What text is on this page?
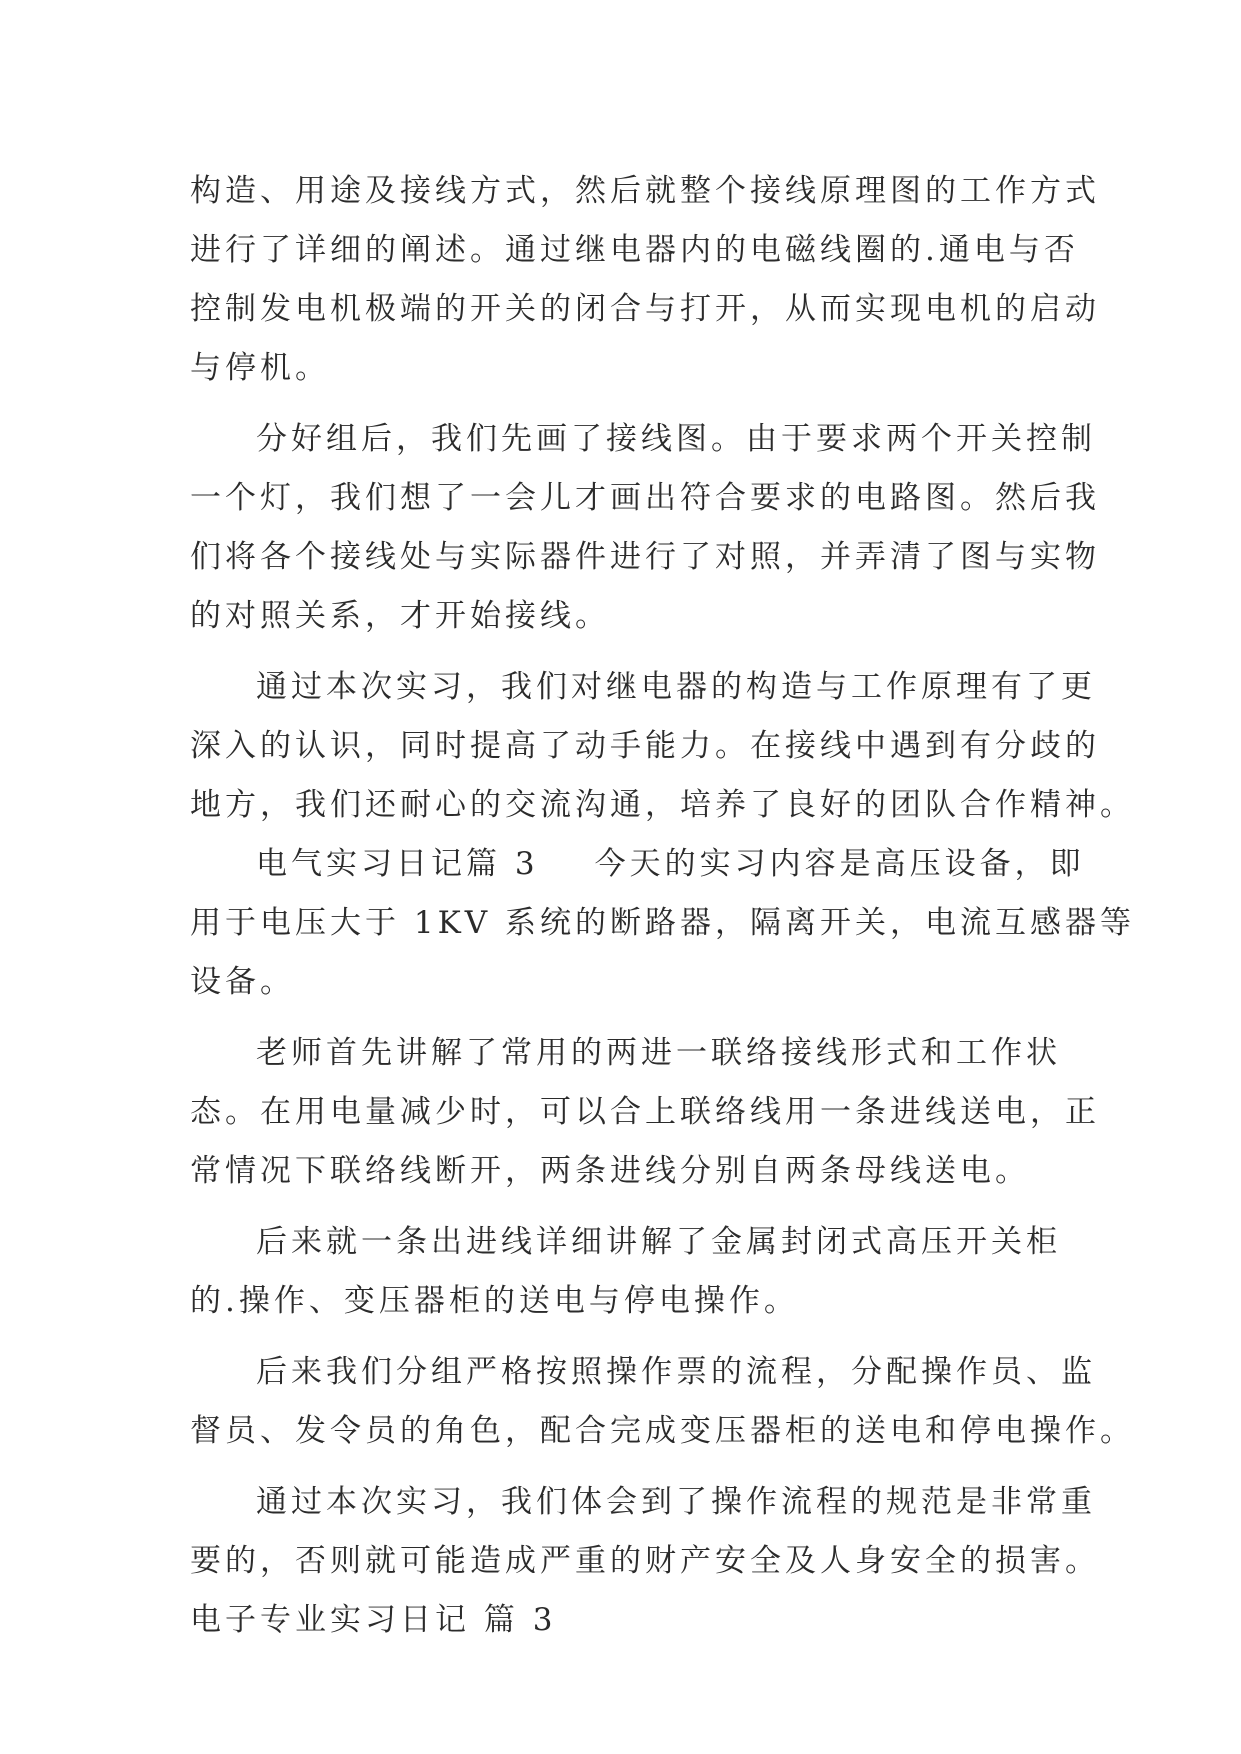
构造、用途及接线方式，然后就整个接线原理图的工作方式
进行了详细的阐述。通过继电器内的电磁线圈的.通电与否
控制发电机极端的开关的闭合与打开，从而实现电机的启动
与停机。
分好组后，我们先画了接线图。由于要求两个开关控制
一个灯，我们想了一会儿才画出符合要求的电路图。然后我
们将各个接线处与实际器件进行了对照，并弄清了图与实物
的对照关系，才开始接线。
通过本次实习，我们对继电器的构造与工作原理有了更
深入的认识，同时提高了动手能力。在接线中遇到有分歧的
地方，我们还耐心的交流沟通，培养了良好的团队合作精神。
电气实习日记篇 3 今天的实习内容是高压设备，即
用于电压大于 1KV 系统的断路器，隔离开关，电流互感器等
设备。
老师首先讲解了常用的两进一联络接线形式和工作状
态。在用电量减少时，可以合上联络线用一条进线送电，正
常情况下联络线断开，两条进线分别自两条母线送电。
后来就一条出进线详细讲解了金属封闭式高压开关柜
的.操作、变压器柜的送电与停电操作。
后来我们分组严格按照操作票的流程，分配操作员、监
督员、发令员的角色，配合完成变压器柜的送电和停电操作。
通过本次实习，我们体会到了操作流程的规范是非常重
要的，否则就可能造成严重的财产安全及人身安全的损害。
电子专业实习日记 篇 3
